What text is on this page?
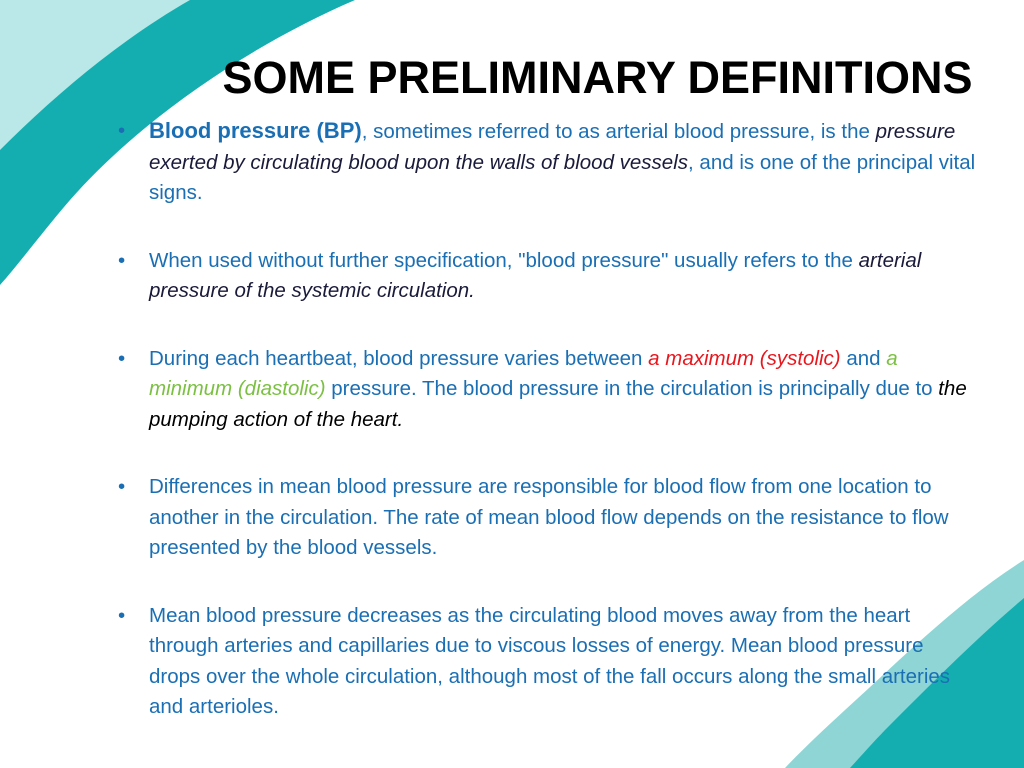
SOME PRELIMINARY DEFINITIONS
•	Blood pressure (BP), sometimes referred to as arterial blood pressure, is the pressure exerted by circulating blood upon the walls of blood vessels, and is one of the principal vital signs.
•	When used without further specification, "blood pressure" usually refers to the arterial pressure of the systemic circulation.
•	During each heartbeat, blood pressure varies between a maximum (systolic) and a minimum (diastolic) pressure. The blood pressure in the circulation is principally due to the pumping action of the heart.
•	Differences in mean blood pressure are responsible for blood flow from one location to another in the circulation. The rate of mean blood flow depends on the resistance to flow presented by the blood vessels.
•	Mean blood pressure decreases as the circulating blood moves away from the heart through arteries and capillaries due to viscous losses of energy. Mean blood pressure drops over the whole circulation, although most of the fall occurs along the small arteries and arterioles.
